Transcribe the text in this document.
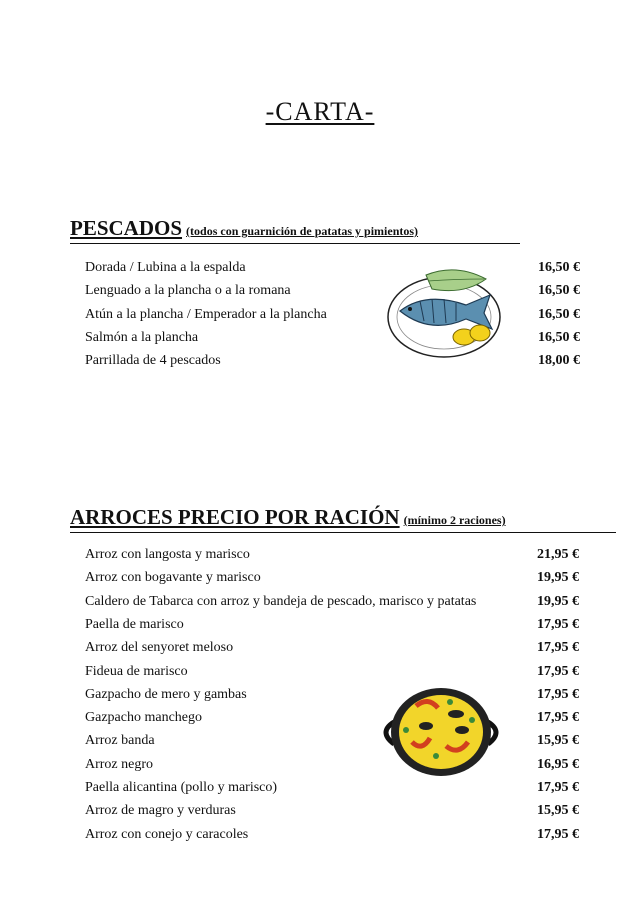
-CARTA-
PESCADOS (todos con guarnición de patatas y pimientos)
Dorada / Lubina a la espalda	16,50 €
Lenguado a la plancha o a la romana	16,50 €
Atún a la plancha / Emperador a la plancha	16,50 €
Salmón a la plancha	16,50 €
Parrillada de 4 pescados	18,00 €
ARROCES PRECIO POR RACIÓN (mínimo 2 raciones)
Arroz con langosta y marisco	21,95 €
Arroz con bogavante y marisco	19,95 €
Caldero de Tabarca con arroz y bandeja de pescado, marisco y patatas	19,95 €
Paella de marisco	17,95 €
Arroz del senyoret meloso	17,95 €
Fideua de marisco	17,95 €
Gazpacho de mero y gambas	17,95 €
Gazpacho manchego	17,95 €
Arroz banda	15,95 €
Arroz negro	16,95 €
Paella alicantina (pollo y marisco)	17,95 €
Arroz de magro y verduras	15,95 €
Arroz con conejo y caracoles	17,95 €
